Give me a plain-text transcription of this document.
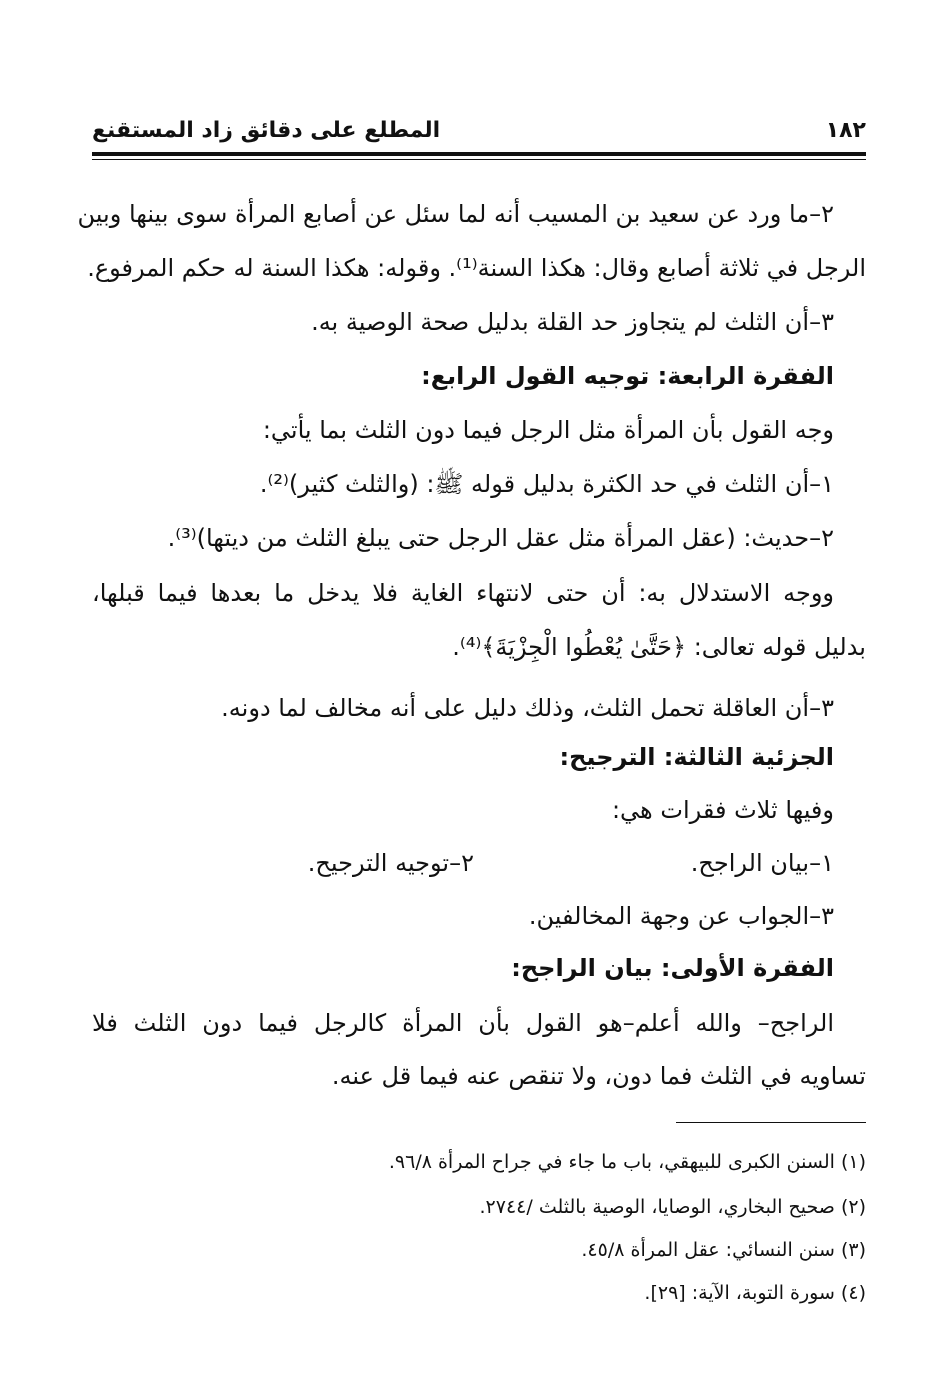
١٨٢
المطلع على دقائق زاد المستقنع
٢–ما ورد عن سعيد بن المسيب أنه لما سئل عن أصابع المرأة سوى بينها وبين
الرجل في ثلاثة أصابع وقال: هكذا السنة⁽¹⁾. وقوله: هكذا السنة له حكم المرفوع.
٣–أن الثلث لم يتجاوز حد القلة بدليل صحة الوصية به.
الفقرة الرابعة: توجيه القول الرابع:
وجه القول بأن المرأة مثل الرجل فيما دون الثلث بما يأتي:
١–أن الثلث في حد الكثرة بدليل قوله ﷺ: (والثلث كثير)⁽²⁾.
٢–حديث: (عقل المرأة مثل عقل الرجل حتى يبلغ الثلث من ديتها)⁽³⁾.
ووجه الاستدلال به: أن حتى لانتهاء الغاية فلا يدخل ما بعدها فيما قبلها،
بدليل قوله تعالى: ﴿حَتَّىٰ يُعْطُوا الْجِزْيَةَ﴾⁽⁴⁾.
٣–أن العاقلة تحمل الثلث، وذلك دليل على أنه مخالف لما دونه.
الجزئية الثالثة: الترجيح:
وفيها ثلاث فقرات هي:
١–بيان الراجح.
٢–توجيه الترجيح.
٣–الجواب عن وجهة المخالفين.
الفقرة الأولى: بيان الراجح:
الراجح– والله أعلم–هو القول بأن المرأة كالرجل فيما دون الثلث فلا
تساويه في الثلث فما دون، ولا تنقص عنه فيما قل عنه.
(١) السنن الكبرى للبيهقي، باب ما جاء في جراح المرأة ٩٦/٨.
(٢) صحيح البخاري، الوصايا، الوصية بالثلث /٢٧٤٤.
(٣) سنن النسائي: عقل المرأة ٤٥/٨.
(٤) سورة التوبة، الآية: [٢٩].
